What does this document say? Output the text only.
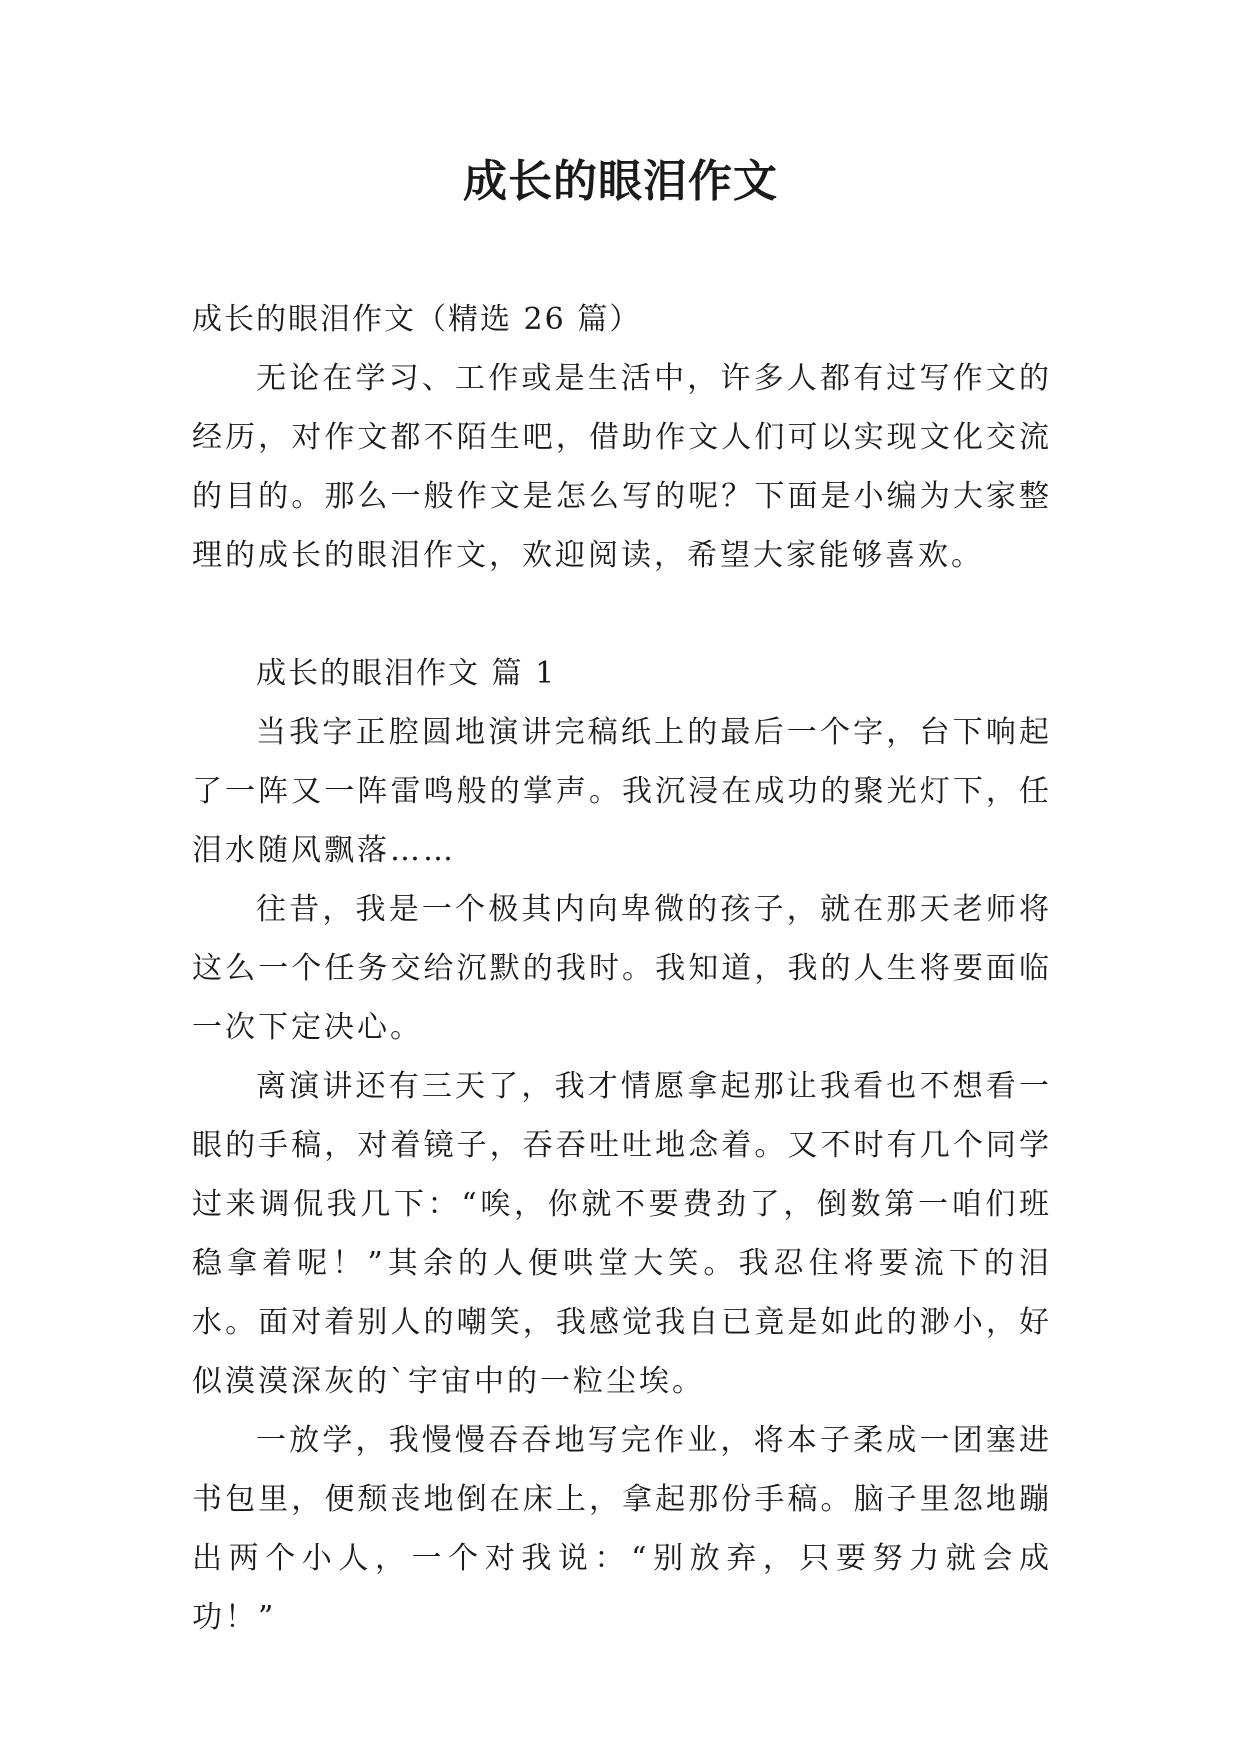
成长的眼泪作文

成长的眼泪作文（精选 26 篇）

无论在学习、工作或是生活中，许多人都有过写作文的经历，对作文都不陌生吧，借助作文人们可以实现文化交流的目的。那么一般作文是怎么写的呢？下面是小编为大家整理的成长的眼泪作文，欢迎阅读，希望大家能够喜欢。

成长的眼泪作文 篇 1

当我字正腔圆地演讲完稿纸上的最后一个字，台下响起了一阵又一阵雷鸣般的掌声。我沉浸在成功的聚光灯下，任泪水随风飘落……

往昔，我是一个极其内向卑微的孩子，就在那天老师将这么一个任务交给沉默的我时。我知道，我的人生将要面临一次下定决心。

离演讲还有三天了，我才情愿拿起那让我看也不想看一眼的手稿，对着镜子，吞吞吐吐地念着。又不时有几个同学过来调侃我几下：“唉，你就不要费劲了，倒数第一咱们班稳拿着呢！”其余的人便哄堂大笑。我忍住将要流下的泪水。面对着别人的嘲笑，我感觉我自已竟是如此的渺小，好似漠漠深灰的`宇宙中的一粒尘埃。

一放学，我慢慢吞吞地写完作业，将本子柔成一团塞进书包里，便颓丧地倒在床上，拿起那份手稿。脑子里忽地蹦出两个小人，一个对我说：“别放弃，只要努力就会成功！”
